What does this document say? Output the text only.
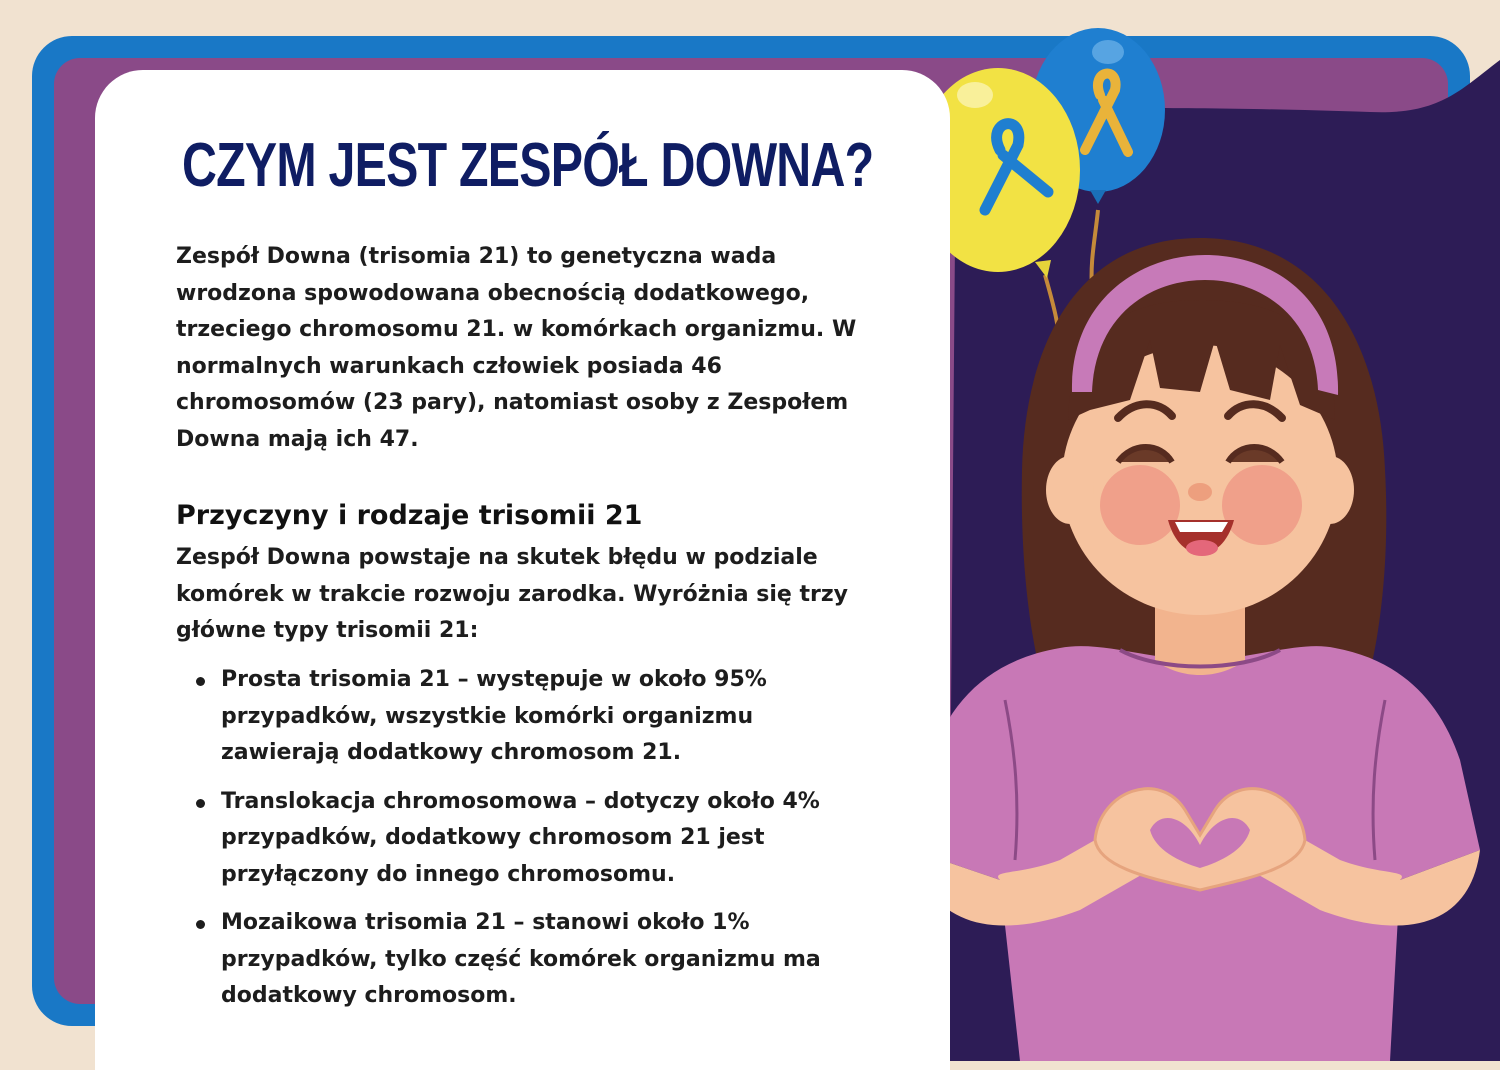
CZYM JEST ZESPÓŁ DOWNA?

Zespół Downa (trisomia 21) to genetyczna wada wrodzona spowodowana obecnością dodatkowego, trzeciego chromosomu 21. w komórkach organizmu. W normalnych warunkach człowiek posiada 46 chromosomów (23 pary), natomiast osoby z Zespołem Downa mają ich 47.

Przyczyny i rodzaje trisomii 21

Zespół Downa powstaje na skutek błędu w podziale komórek w trakcie rozwoju zarodka. Wyróżnia się trzy główne typy trisomii 21:

Prosta trisomia 21 – występuje w około 95% przypadków, wszystkie komórki organizmu zawierają dodatkowy chromosom 21.
Translokacja chromosomowa – dotyczy około 4% przypadków, dodatkowy chromosom 21 jest przyłączony do innego chromosomu.
Mozaikowa trisomia 21 – stanowi około 1% przypadków, tylko część komórek organizmu ma dodatkowy chromosom.
